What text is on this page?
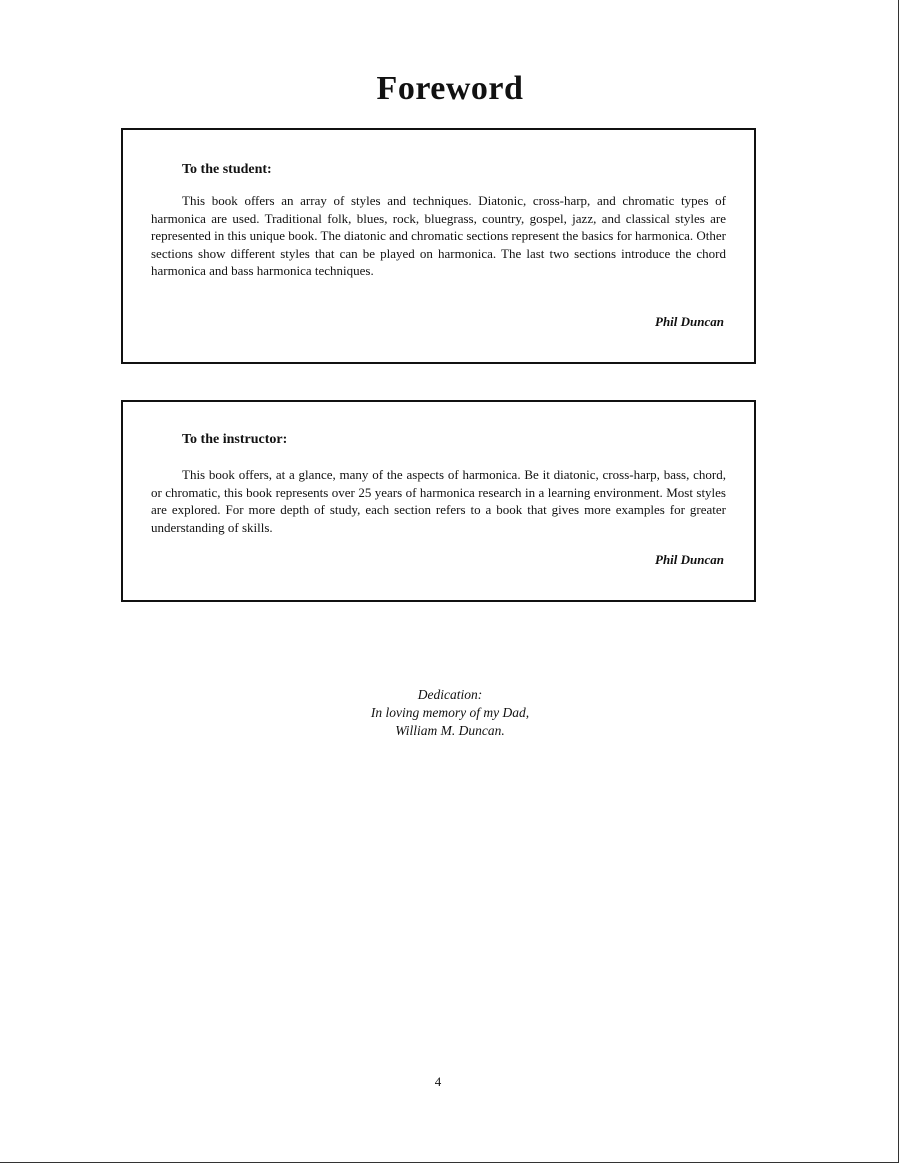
Foreword
To the student:

This book offers an array of styles and techniques. Diatonic, cross-harp, and chromatic types of harmonica are used. Traditional folk, blues, rock, bluegrass, country, gospel, jazz, and classical styles are represented in this unique book. The diatonic and chromatic sections represent the basics for harmonica. Other sections show different styles that can be played on harmonica. The last two sections introduce the chord harmonica and bass harmonica techniques.

Phil Duncan
To the instructor:

This book offers, at a glance, many of the aspects of harmonica. Be it diatonic, cross-harp, bass, chord, or chromatic, this book represents over 25 years of harmonica research in a learning environment. Most styles are explored. For more depth of study, each section refers to a book that gives more examples for greater understanding of skills.

Phil Duncan
Dedication:
In loving memory of my Dad,
William M. Duncan.
4
